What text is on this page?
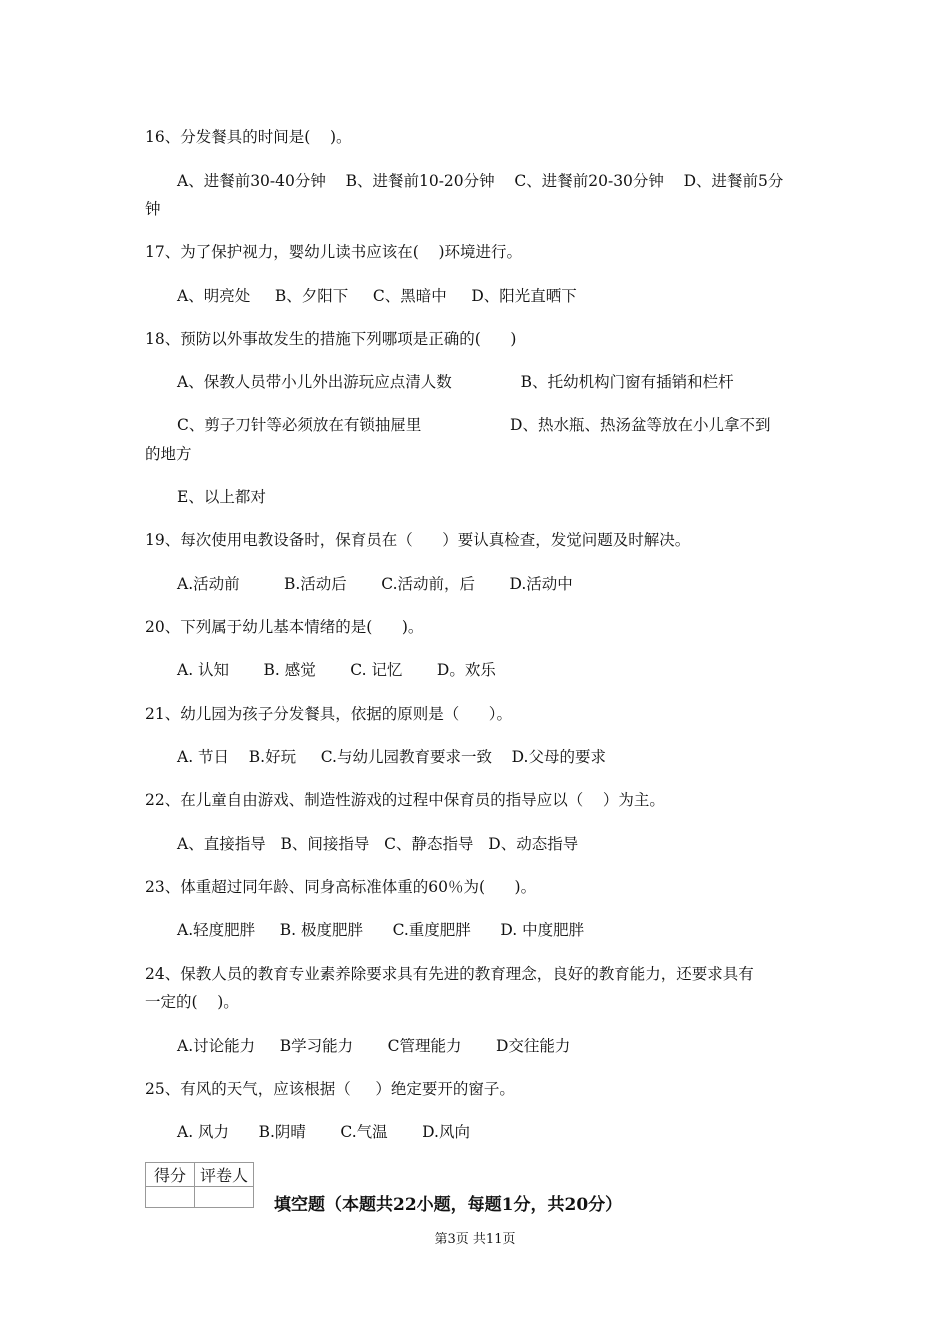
16、分发餐具的时间是(    )。
A、进餐前30-40分钟    B、进餐前10-20分钟    C、进餐前20-30分钟    D、进餐前5分
钟
17、为了保护视力，婴幼儿读书应该在(    )环境进行。
A、明亮处     B、夕阳下     C、黑暗中     D、阳光直晒下
18、预防以外事故发生的措施下列哪项是正确的(      )
A、保教人员带小儿外出游玩应点清人数              B、托幼机构门窗有插销和栏杆
C、剪子刀针等必须放在有锁抽屉里                  D、热水瓶、热汤盆等放在小儿拿不到
的地方
E、以上都对
19、每次使用电教设备时，保育员在（      ）要认真检查，发觉问题及时解决。
A.活动前         B.活动后       C.活动前，后       D.活动中
20、下列属于幼儿基本情绪的是(      )。
A. 认知       B. 感觉       C. 记忆       D。欢乐
21、幼儿园为孩子分发餐具，依据的原则是（      ）。
A. 节日    B.好玩     C.与幼儿园教育要求一致    D.父母的要求
22、在儿童自由游戏、制造性游戏的过程中保育员的指导应以（    ）为主。
A、直接指导   B、间接指导   C、静态指导   D、动态指导
23、体重超过同年龄、同身高标准体重的60％为(      )。
A.轻度肥胖     B. 极度肥胖      C.重度肥胖      D. 中度肥胖
24、保教人员的教育专业素养除要求具有先进的教育理念，良好的教育能力，还要求具有
一定的(    )。
A.讨论能力     B学习能力       C管理能力       D交往能力
25、有风的天气，应该根据（     ）绝定要开的窗子。
A. 风力      B.阴晴       C.气温       D.风向
得分	评卷人

填空题（本题共22小题，每题1分，共20分）
第3页 共11页
